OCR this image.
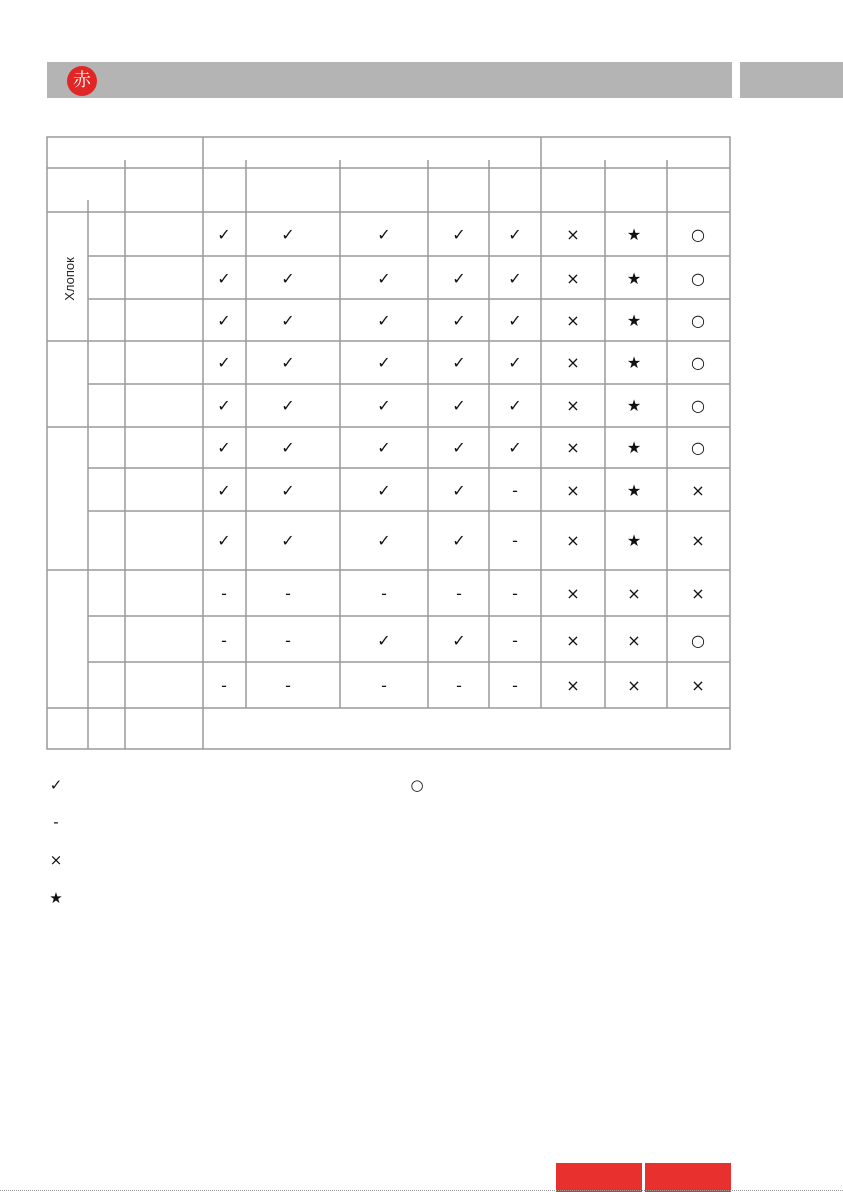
赤
Хлопок
✓	✓	✓	✓	✓	×	★	○
✓	✓	✓	✓	✓	×	★	○
✓	✓	✓	✓	✓	×	★	○
✓	✓	✓	✓	✓	×	★	○
✓	✓	✓	✓	✓	×	★	○
✓	✓	✓	✓	✓	×	★	○
✓	✓	✓	✓	-	×	★	×
✓	✓	✓	✓	-	×	★	×
-	-	-	-	-	×	×	×
-	-	✓	✓	-	×	×	○
-	-	-	-	-	×	×	×
✓
-
×
★
○
